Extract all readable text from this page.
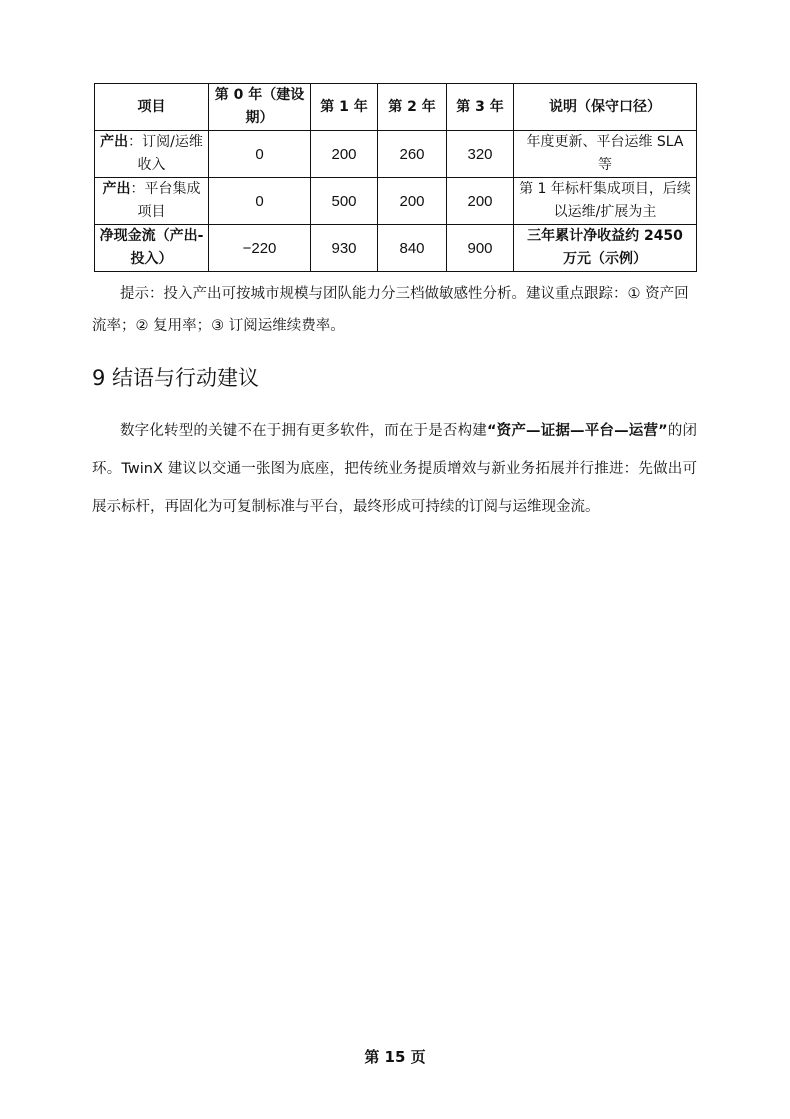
项目	第 0 年（建设期）	第 1 年	第 2 年	第 3 年	说明（保守口径）
产出：订阅/运维收入	0	200	260	320	年度更新、平台运维 SLA 等
产出：平台集成项目	0	500	200	200	第 1 年标杆集成项目，后续以运维/扩展为主
净现金流（产出-投入）	−220	930	840	900	三年累计净收益约 2450 万元（示例）

提示：投入产出可按城市规模与团队能力分三档做敏感性分析。建议重点跟踪：① 资产回流率；② 复用率；③ 订阅运维续费率。

9 结语与行动建议

数字化转型的关键不在于拥有更多软件，而在于是否构建“资产—证据—平台—运营”的闭环。TwinX 建议以交通一张图为底座，把传统业务提质增效与新业务拓展并行推进：先做出可展示标杆，再固化为可复制标准与平台，最终形成可持续的订阅与运维现金流。

第 15 页
